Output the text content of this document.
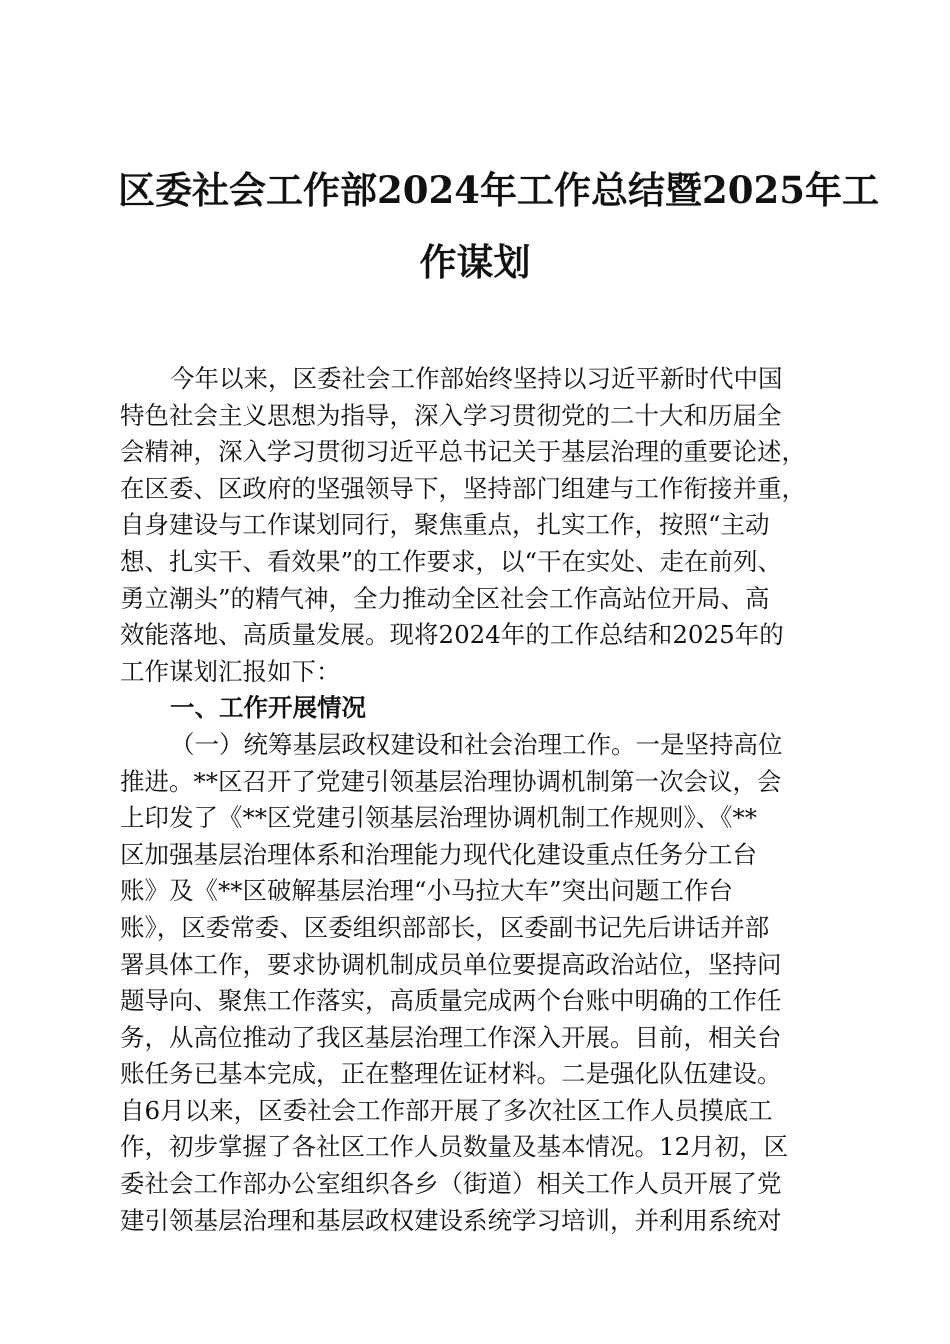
区委社会工作部2024年工作总结暨2025年工
作谋划
今年以来，区委社会工作部始终坚持以习近平新时代中国
特色社会主义思想为指导，深入学习贯彻党的二十大和历届全
会精神，深入学习贯彻习近平总书记关于基层治理的重要论述，
在区委、区政府的坚强领导下，坚持部门组建与工作衔接并重，
自身建设与工作谋划同行，聚焦重点，扎实工作，按照“主动
想、扎实干、看效果”的工作要求，以“干在实处、走在前列、
勇立潮头”的精气神，全力推动全区社会工作高站位开局、高
效能落地、高质量发展。现将2024年的工作总结和2025年的
工作谋划汇报如下：
一、工作开展情况
（一）统筹基层政权建设和社会治理工作。一是坚持高位
推进。**区召开了党建引领基层治理协调机制第一次会议，会
上印发了《**区党建引领基层治理协调机制工作规则》、《**
区加强基层治理体系和治理能力现代化建设重点任务分工台
账》及《**区破解基层治理“小马拉大车”突出问题工作台
账》，区委常委、区委组织部部长，区委副书记先后讲话并部
署具体工作，要求协调机制成员单位要提高政治站位，坚持问
题导向、聚焦工作落实，高质量完成两个台账中明确的工作任
务，从高位推动了我区基层治理工作深入开展。目前，相关台
账任务已基本完成，正在整理佐证材料。二是强化队伍建设。
自6月以来，区委社会工作部开展了多次社区工作人员摸底工
作，初步掌握了各社区工作人员数量及基本情况。12月初，区
委社会工作部办公室组织各乡（街道）相关工作人员开展了党
建引领基层治理和基层政权建设系统学习培训，并利用系统对
